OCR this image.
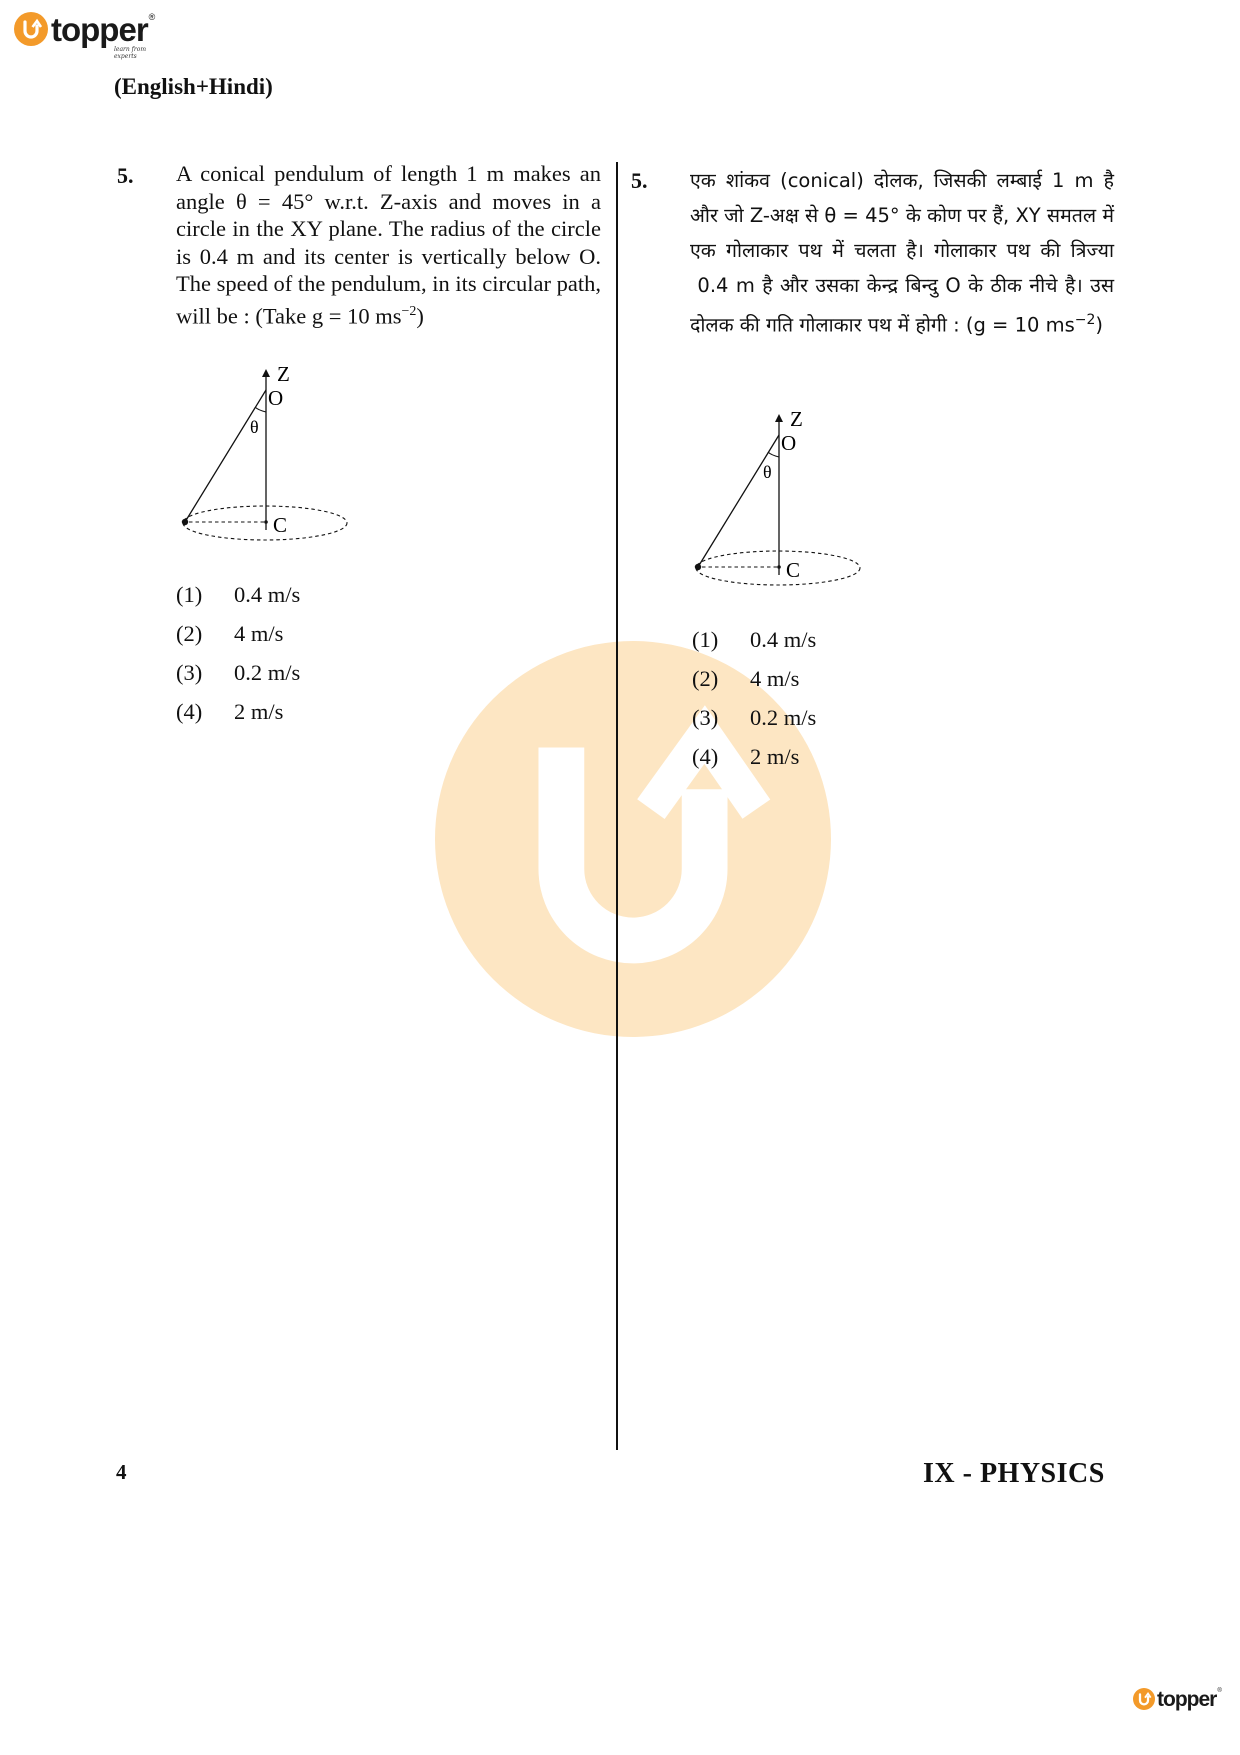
topper ®
learn from experts
(English+Hindi)
5. A conical pendulum of length 1 m makes an angle θ = 45° w.r.t. Z-axis and moves in a circle in the XY plane. The radius of the circle is 0.4 m and its center is vertically below O. The speed of the pendulum, in its circular path, will be : (Take g = 10 $ms^{-2}$)
Z
O
θ
C
(1)	0.4 m/s
(2)	4 m/s
(3)	0.2 m/s
(4)	2 m/s
5. एक शांकव (conical) दोलक, जिसकी लम्बाई 1 m है और जो Z-अक्ष से θ = 45° के कोण पर हैं, XY समतल में एक गोलाकार पथ में चलता है। गोलाकार पथ की त्रिज्या  0.4 m है और उसका केन्द्र बिन्दु O के ठीक नीचे है। उस दोलक की गति गोलाकार पथ में होगी : (g = 10 $ms^{-2}$)
Z
O
θ
C
(1)	0.4 m/s
(2)	4 m/s
(3)	0.2 m/s
(4)	2 m/s
4	IX - PHYSICS
topper ®
